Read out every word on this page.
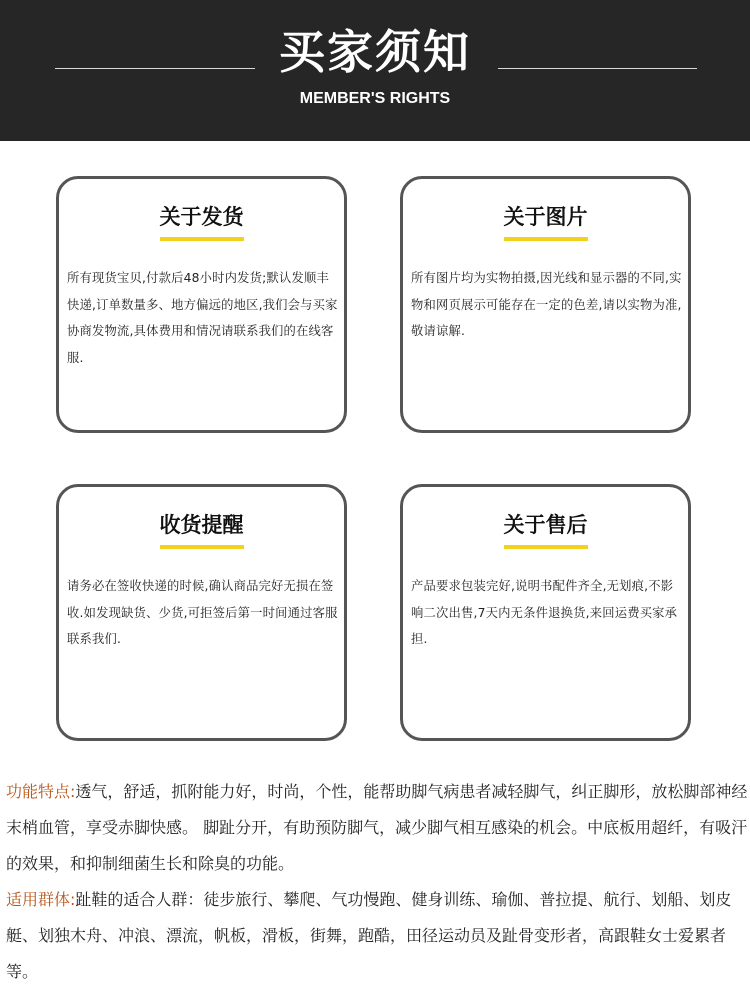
买家须知
MEMBER'S RIGHTS
关于发货
所有现货宝贝,付款后48小时内发货;默认发顺丰快递,订单数量多、地方偏远的地区,我们会与买家协商发物流,具体费用和情况请联系我们的在线客服.
关于图片
所有图片均为实物拍摄,因光线和显示器的不同,实物和网页展示可能存在一定的色差,请以实物为准,敬请谅解.
收货提醒
请务必在签收快递的时候,确认商品完好无损在签收.如发现缺货、少货,可拒签后第一时间通过客服联系我们.
关于售后
产品要求包装完好,说明书配件齐全,无划痕,不影响二次出售,7天内无条件退换货,来回运费买家承担.

功能特点:透气，舒适，抓附能力好，时尚，个性，能帮助脚气病患者减轻脚气，纠正脚形，放松脚部神经末梢血管，享受赤脚快感。 脚趾分开，有助预防脚气，减少脚气相互感染的机会。中底板用超纤，有吸汗的效果，和抑制细菌生长和除臭的功能。

适用群体:趾鞋的适合人群：徒步旅行、攀爬、气功慢跑、健身训练、瑜伽、普拉提、航行、划船、划皮艇、划独木舟、冲浪、漂流，帆板，滑板，街舞，跑酷，田径运动员及趾骨变形者，高跟鞋女士爱累者等。
